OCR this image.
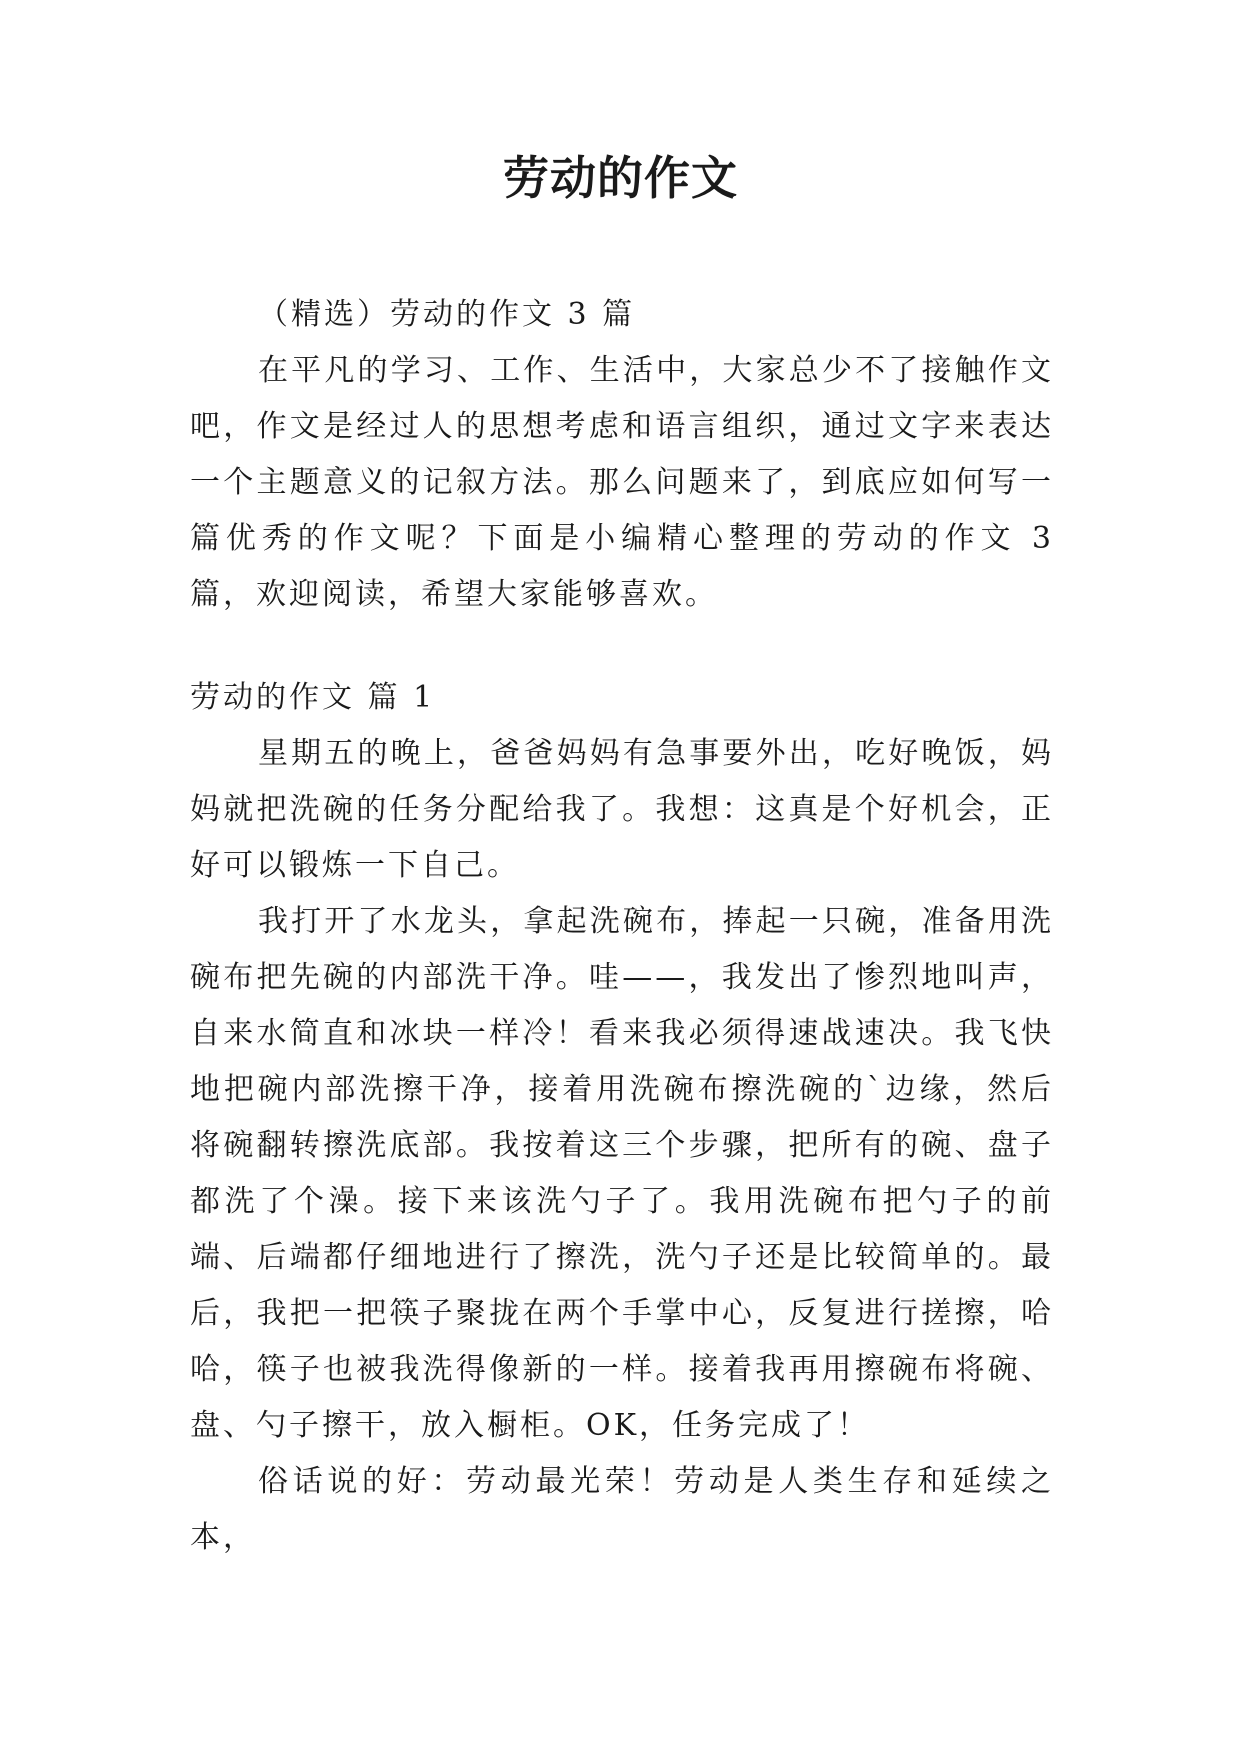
劳动的作文

（精选）劳动的作文 3 篇

在平凡的学习、工作、生活中，大家总少不了接触作文吧，作文是经过人的思想考虑和语言组织，通过文字来表达一个主题意义的记叙方法。那么问题来了，到底应如何写一篇优秀的作文呢？下面是小编精心整理的劳动的作文 3 篇，欢迎阅读，希望大家能够喜欢。

劳动的作文 篇 1

星期五的晚上，爸爸妈妈有急事要外出，吃好晚饭，妈妈就把洗碗的任务分配给我了。我想：这真是个好机会，正好可以锻炼一下自己。

我打开了水龙头，拿起洗碗布，捧起一只碗，准备用洗碗布把先碗的内部洗干净。哇——，我发出了惨烈地叫声，自来水简直和冰块一样冷！看来我必须得速战速决。我飞快地把碗内部洗擦干净，接着用洗碗布擦洗碗的`边缘，然后将碗翻转擦洗底部。我按着这三个步骤，把所有的碗、盘子都洗了个澡。接下来该洗勺子了。我用洗碗布把勺子的前端、后端都仔细地进行了擦洗，洗勺子还是比较简单的。最后，我把一把筷子聚拢在两个手掌中心，反复进行搓擦，哈哈，筷子也被我洗得像新的一样。接着我再用擦碗布将碗、盘、勺子擦干，放入橱柜。OK，任务完成了！

俗话说的好：劳动最光荣！劳动是人类生存和延续之本，
